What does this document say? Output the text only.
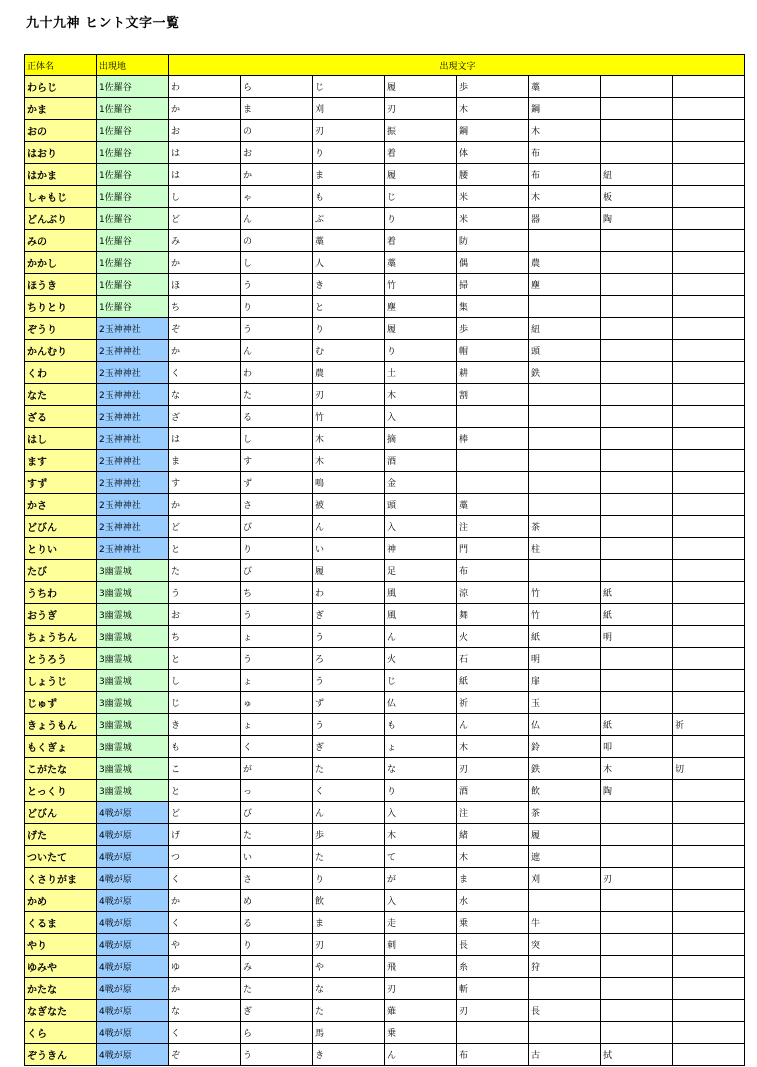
九十九神 ヒント文字一覧
正体名	出現地	出現文字							
わらじ	1佐羅谷	わ	ら	じ	履	歩	藁		
かま	1佐羅谷	か	ま	刈	刃	木	鋼		
おの	1佐羅谷	お	の	刃	振	鋼	木		
はおり	1佐羅谷	は	お	り	着	体	布		
はかま	1佐羅谷	は	か	ま	履	腰	布	紐	
しゃもじ	1佐羅谷	し	ゃ	も	じ	米	木	板	
どんぶり	1佐羅谷	ど	ん	ぶ	り	米	器	陶	
みの	1佐羅谷	み	の	藁	着	防			
かかし	1佐羅谷	か	し	人	藁	偶	農		
ほうき	1佐羅谷	ほ	う	き	竹	掃	塵		
ちりとり	1佐羅谷	ち	り	と	塵	集			
ぞうり	2玉神神社	ぞ	う	り	履	歩	紐		
かんむり	2玉神神社	か	ん	む	り	帽	頭		
くわ	2玉神神社	く	わ	農	土	耕	鉄		
なた	2玉神神社	な	た	刃	木	割			
ざる	2玉神神社	ざ	る	竹	入				
はし	2玉神神社	は	し	木	摘	棒			
ます	2玉神神社	ま	す	木	酒				
すず	2玉神神社	す	ず	鳴	金				
かさ	2玉神神社	か	さ	被	頭	藁			
どびん	2玉神神社	ど	び	ん	入	注	茶		
とりい	2玉神神社	と	り	い	神	門	柱		
たび	3幽霊城	た	び	履	足	布			
うちわ	3幽霊城	う	ち	わ	風	涼	竹	紙	
おうぎ	3幽霊城	お	う	ぎ	風	舞	竹	紙	
ちょうちん	3幽霊城	ち	ょ	う	ん	火	紙	明	
とうろう	3幽霊城	と	う	ろ	火	石	明		
しょうじ	3幽霊城	し	ょ	う	じ	紙	扉		
じゅず	3幽霊城	じ	ゅ	ず	仏	祈	玉		
きょうもん	3幽霊城	き	ょ	う	も	ん	仏	紙	祈
もくぎょ	3幽霊城	も	く	ぎ	ょ	木	鈴	叩	
こがたな	3幽霊城	こ	が	た	な	刃	鉄	木	切
とっくり	3幽霊城	と	っ	く	り	酒	飲	陶	
どびん	4戦が原	ど	び	ん	入	注	茶		
げた	4戦が原	げ	た	歩	木	緒	履		
ついたて	4戦が原	つ	い	た	て	木	遮		
くさりがま	4戦が原	く	さ	り	が	ま	刈	刃	
かめ	4戦が原	か	め	飲	入	水			
くるま	4戦が原	く	る	ま	走	乗	牛		
やり	4戦が原	や	り	刃	刺	長	突		
ゆみや	4戦が原	ゆ	み	や	飛	糸	狩		
かたな	4戦が原	か	た	な	刃	斬			
なぎなた	4戦が原	な	ぎ	た	薙	刃	長		
くら	4戦が原	く	ら	馬	乗				
ぞうきん	4戦が原	ぞ	う	き	ん	布	古	拭	
